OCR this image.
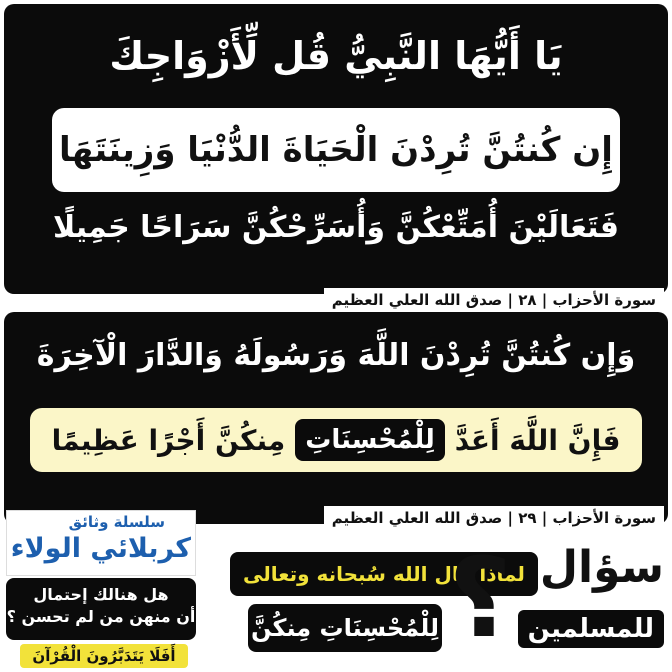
يَا أَيُّهَا النَّبِيُّ قُل لِّأَزْوَاجِكَ
إِن كُنتُنَّ تُرِدْنَ الْحَيَاةَ الدُّنْيَا وَزِينَتَهَا
فَتَعَالَيْنَ أُمَتِّعْكُنَّ وَأُسَرِّحْكُنَّ سَرَاحًا جَمِيلًا
سورة الأحزاب | ٢٨ | صدق الله العلي العظيم
وَإِن كُنتُنَّ تُرِدْنَ اللَّهَ وَرَسُولَهُ وَالدَّارَ الْآخِرَةَ
فَإِنَّ اللَّهَ أَعَدَّ
لِلْمُحْسِنَاتِ
مِنكُنَّ أَجْرًا عَظِيمًا
سورة الأحزاب | ٢٩ | صدق الله العلي العظيم
سلسلة وثائق
كربلائي الولاء
هل هنالك إحتمال
أن منهن من لم تحسن ؟
أَفَلَا يَتَدَبَّرُونَ الْقُرْآنَ
سؤال
للمسلمين
لماذا قال الله سُبحانه وتعالى
لِلْمُحْسِنَاتِ مِنكُنَّ ؟
